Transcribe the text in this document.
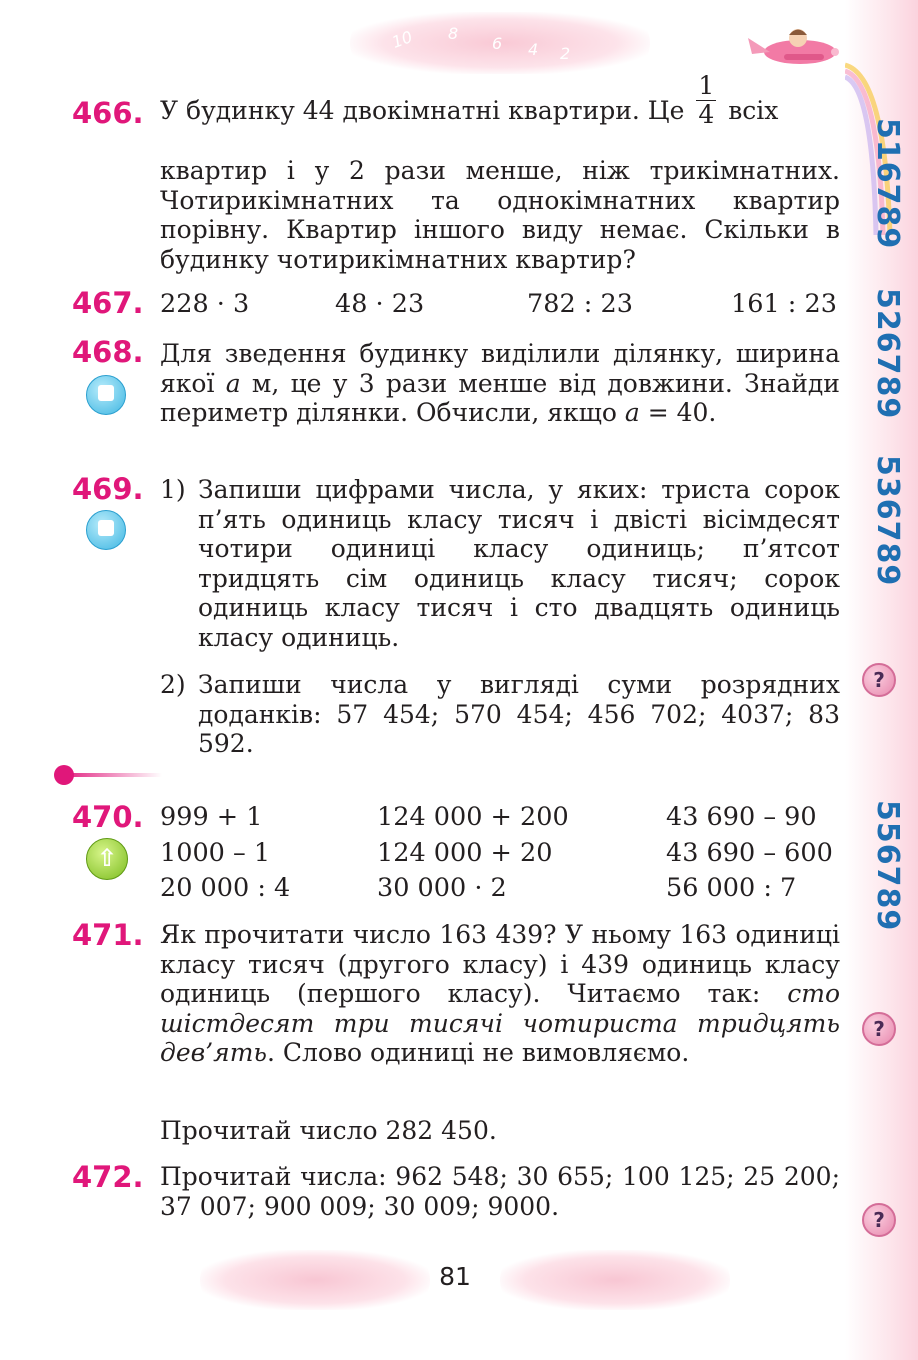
10 8
6 4 2
516789
526789
536789
556789
?
?
?
466. У будинку 44 двокімнатні квартири. Це $\frac{1}{4}$ всіх

квартир і у 2 рази менше, ніж трикімнатних. Чотирикімнатних та однокімнатних квартир порівну. Квартир іншого виду немає. Скільки в будинку чотирикімнатних квартир?
467. 228 · 3	48 · 23	782 : 23	161 : 23
468. Для зведення будинку виділили ділянку, ширина якої a м, це у 3 рази менше від довжини. Знайди периметр ділянки. Обчисли, якщо a = 40.
469. 1) Запиши цифрами числа, у яких: триста сорок п’ять одиниць класу тисяч і двісті вісімдесят чотири одиниці класу одиниць; п’ятсот тридцять сім одиниць класу тисяч; сорок одиниць класу тисяч і сто двадцять одиниць класу одиниць.
2) Запиши числа у вигляді суми розрядних доданків: 57 454; 570 454; 456 702; 4037; 83 592.
470.
⇧
999 + 1	124 000 + 200	43 690 – 90
1000 – 1	124 000 + 20	43 690 – 600
20 000 : 4	30 000 · 2	56 000 : 7
471. Як прочитати число 163 439? У ньому 163 одиниці класу тисяч (другого класу) і 439 одиниць класу одиниць (першого класу). Читаємо так: сто шістдесят три тисячі чотириста тридцять дев’ять. Слово одиниці не вимовляємо.
Прочитай число 282 450.
472. Прочитай числа: 962 548; 30 655; 100 125; 25 200; 37 007; 900 009; 30 009; 9000.
81
